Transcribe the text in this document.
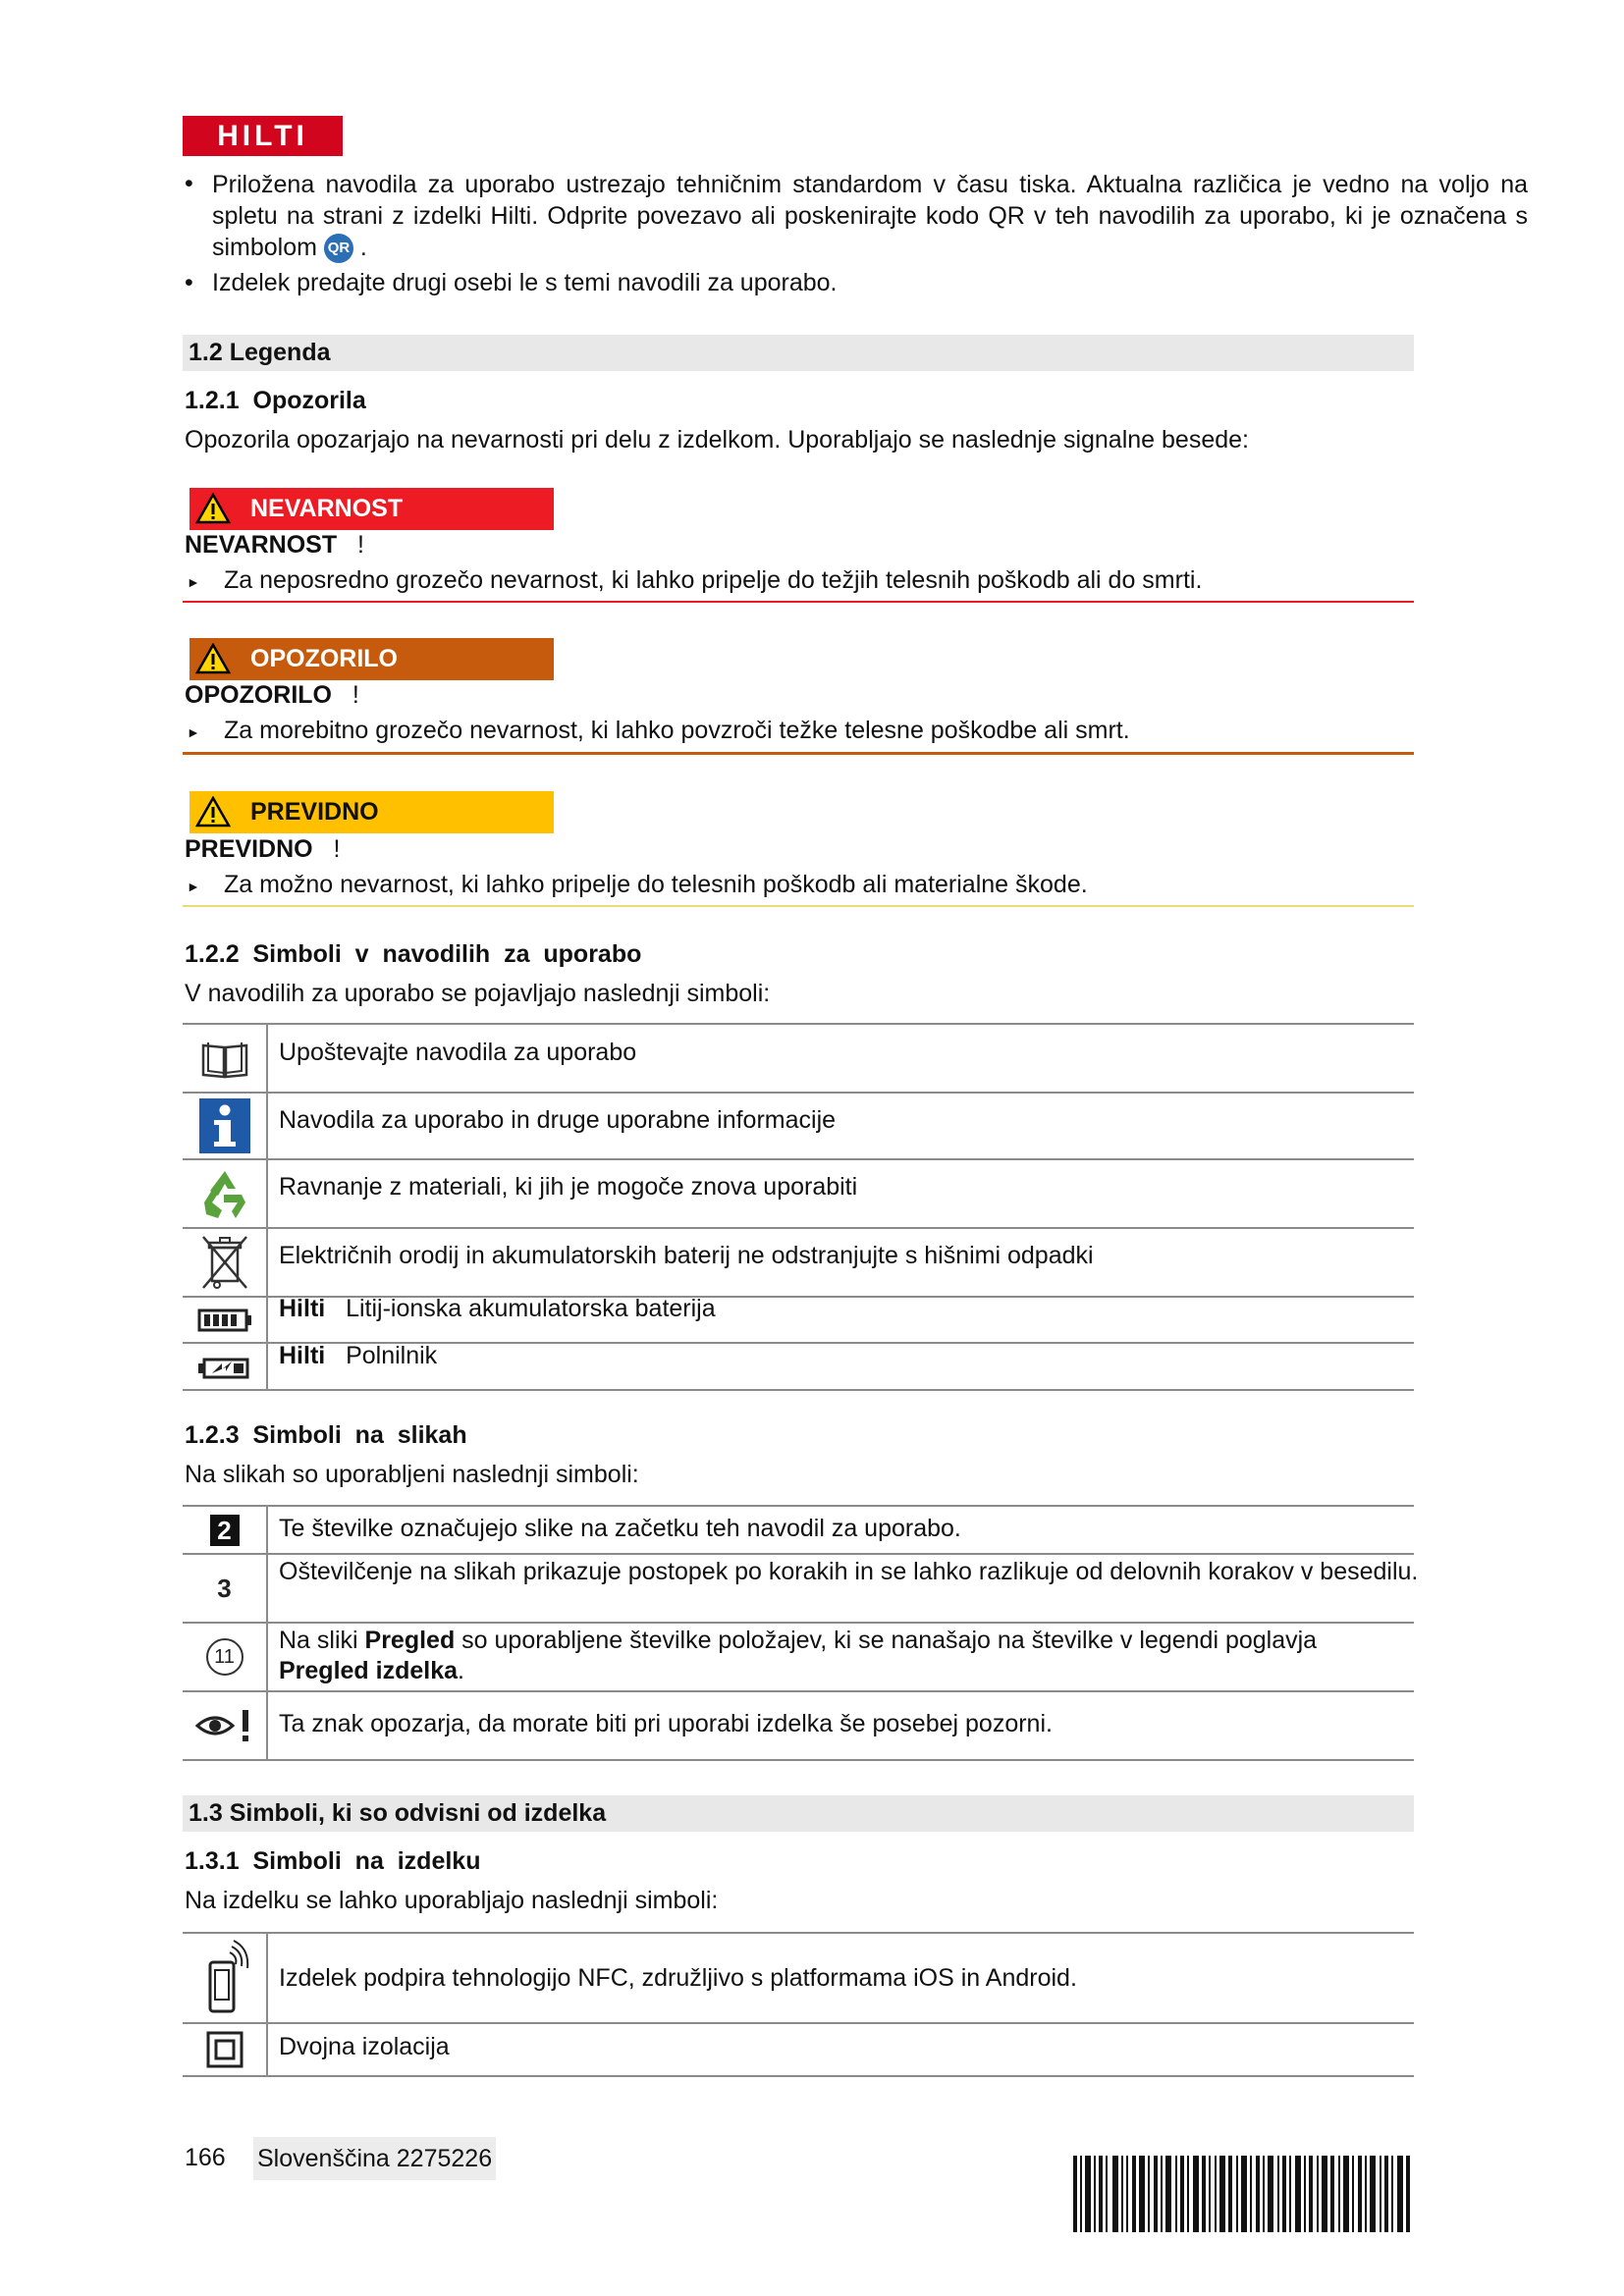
HILTI
• Priložena navodila za uporabo ustrezajo tehničnim standardom v času tiska. Aktualna različica je vedno na voljo na spletu na strani z izdelki Hilti. Odprite povezavo ali poskenirajte kodo QR v teh navodilih za uporabo, ki je označena s simbolom QR .
• Izdelek predajte drugi osebi le s temi navodili za uporabo.
1.2 Legenda
1.2.1  Opozorila
Opozorila opozarjajo na nevarnosti pri delu z izdelkom. Uporabljajo se naslednje signalne besede:
NEVARNOST
NEVARNOST !
► Za neposredno grozečo nevarnost, ki lahko pripelje do težjih telesnih poškodb ali do smrti.
OPOZORILO
OPOZORILO !
► Za morebitno grozečo nevarnost, ki lahko povzroči težke telesne poškodbe ali smrt.
PREVIDNO
PREVIDNO !
► Za možno nevarnost, ki lahko pripelje do telesnih poškodb ali materialne škode.
1.2.2  Simboli  v  navodilih  za  uporabo
V navodilih za uporabo se pojavljajo naslednji simboli:
Upoštevajte navodila za uporabo
Navodila za uporabo in druge uporabne informacije
Ravnanje z materiali, ki jih je mogoče znova uporabiti
Električnih orodij in akumulatorskih baterij ne odstranjujte s hišnimi odpadki
Hilti Litij-ionska akumulatorska baterija
Hilti Polnilnik
1.2.3  Simboli  na  slikah
Na slikah so uporabljeni naslednji simboli:
2	Te številke označujejo slike na začetku teh navodil za uporabo.
3
Oštevilčenje na slikah prikazuje postopek po korakih in se lahko razlikuje od delovnih korakov v besedilu.
11
Na sliki Pregled so uporabljene številke položajev, ki se nanašajo na številke v legendi poglavja Pregled izdelka.
Ta znak opozarja, da morate biti pri uporabi izdelka še posebej pozorni.
1.3 Simboli, ki so odvisni od izdelka
1.3.1  Simboli  na  izdelku
Na izdelku se lahko uporabljajo naslednji simboli:
Izdelek podpira tehnologijo NFC, združljivo s platformama iOS in Android.
Dvojna izolacija
166 Slovenščina 2275226
